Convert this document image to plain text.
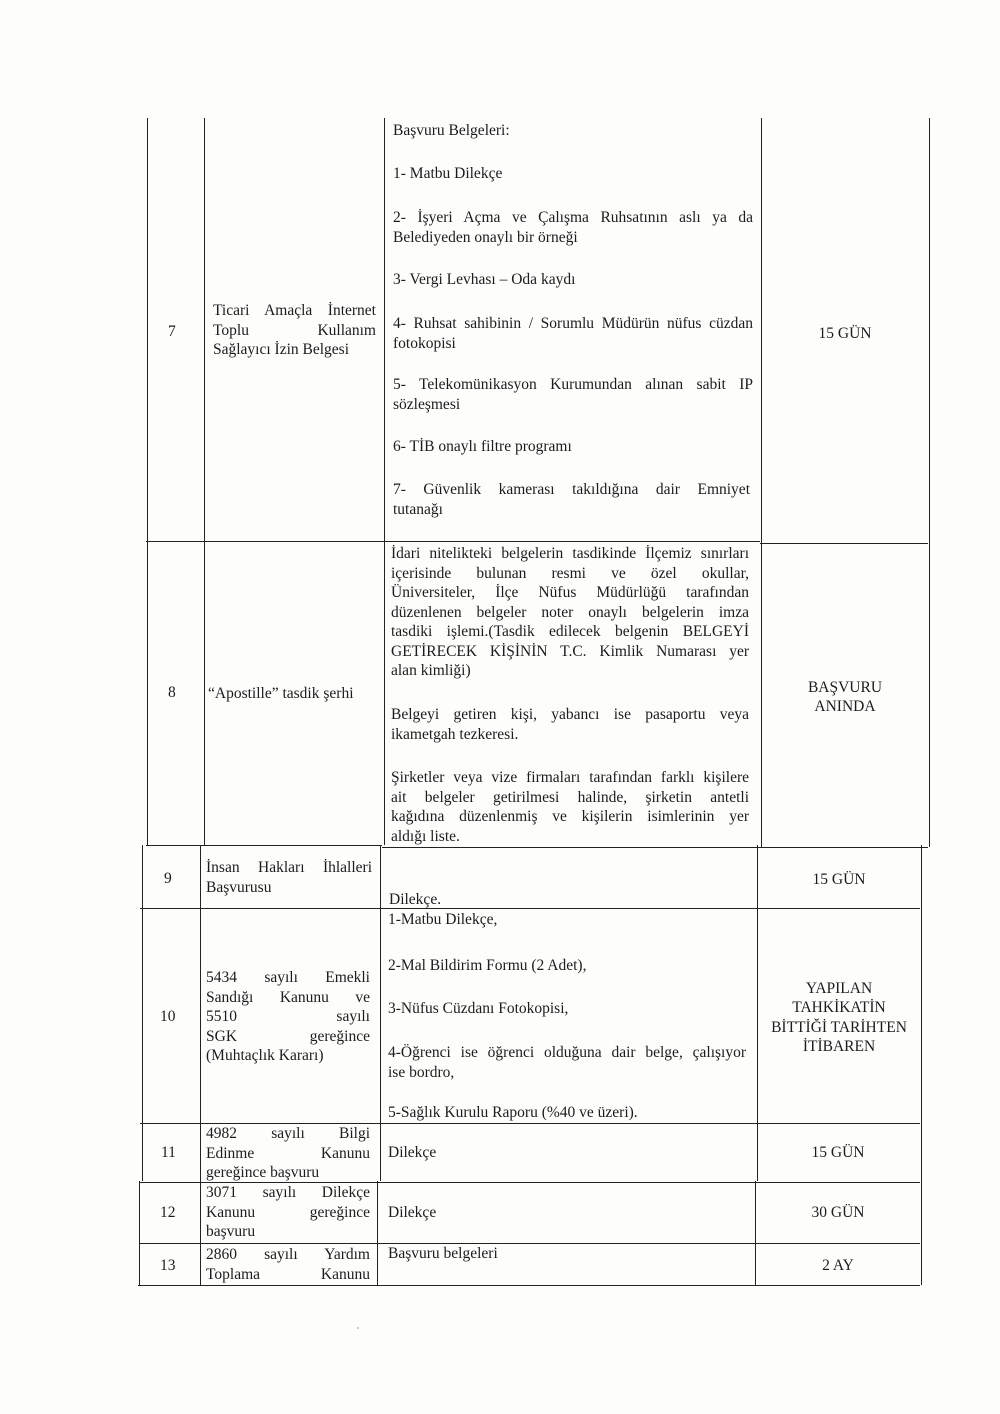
7
Ticari Amaçla İnternet
Toplu Kullanım
Sağlayıcı İzin Belgesi
Başvuru Belgeleri:
1- Matbu Dilekçe
2- İşyeri Açma ve Çalışma Ruhsatının aslı ya da
Belediyeden onaylı bir örneği
3- Vergi Levhası – Oda kaydı
4- Ruhsat sahibinin / Sorumlu Müdürün nüfus cüzdan
fotokopisi
5- Telekomünikasyon Kurumundan alınan sabit IP
sözleşmesi
6- TİB onaylı filtre programı
7- Güvenlik kamerası takıldığına dair Emniyet
tutanağı
15 GÜN
8 “Apostille” tasdik şerhi
İdari nitelikteki belgelerin tasdikinde İlçemiz sınırları
içerisinde bulunan resmi ve özel okullar,
Üniversiteler, İlçe Nüfus Müdürlüğü tarafından
düzenlenen belgeler noter onaylı belgelerin imza
tasdiki işlemi.(Tasdik edilecek belgenin BELGEYİ
GETİRECEK KİŞİNİN T.C. Kimlik Numarası yer
alan kimliği)
Belgeyi getiren kişi, yabancı ise pasaportu veya
ikametgah tezkeresi.
Şirketler veya vize firmaları tarafından farklı kişilere
ait belgeler getirilmesi halinde, şirketin antetli
kağıdına düzenlenmiş ve kişilerin isimlerinin yer
aldığı liste.
BAŞVURU
ANINDA
9
İnsan Hakları İhlalleri
Başvurusu
Dilekçe.
15 GÜN
10
5434 sayılı Emekli
Sandığı Kanunu ve
5510 sayılı
SGK gereğince
(Muhtaçlık Kararı)
1-Matbu Dilekçe,
2-Mal Bildirim Formu (2 Adet),
3-Nüfus Cüzdanı Fotokopisi,
4-Öğrenci ise öğrenci olduğuna dair belge, çalışıyor
ise bordro,
5-Sağlık Kurulu Raporu (%40 ve üzeri).
YAPILAN
TAHKİKATİN
BİTTİĞİ TARİHTEN
İTİBAREN
11
4982 sayılı Bilgi
Edinme Kanunu
gereğince başvuru
Dilekçe	15 GÜN
12
3071 sayılı Dilekçe
Kanunu gereğince
başvuru
Dilekçe	30 GÜN
13
2860 sayılı Yardım
Toplama Kanunu
Başvuru belgeleri
2 AY
